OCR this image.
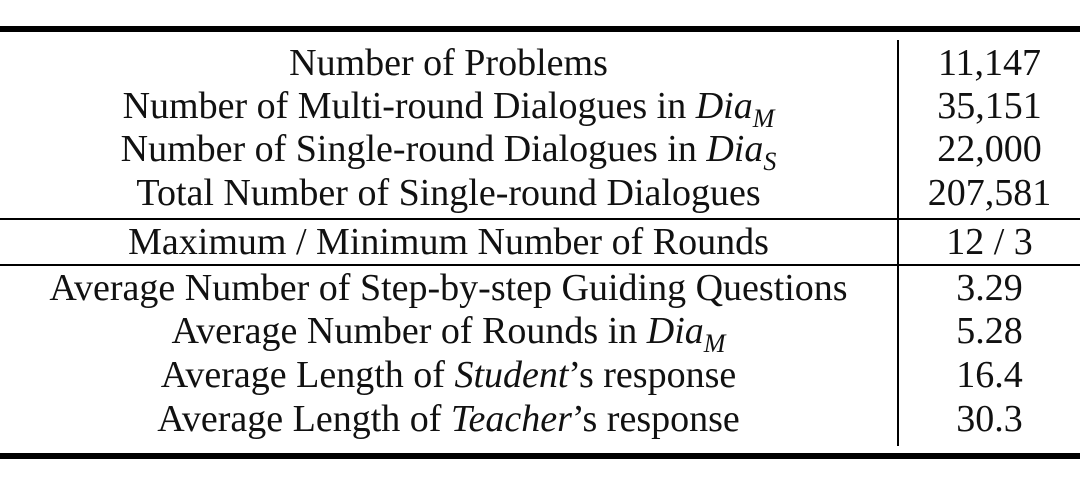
Number of Problems	11,147
Number of Multi-round Dialogues in Dia$_M$	35,151
Number of Single-round Dialogues in Dia$_S$	22,000
Total Number of Single-round Dialogues	207,581
Maximum / Minimum Number of Rounds	12 / 3
Average Number of Step-by-step Guiding Questions	3.29
Average Number of Rounds in Dia$_M$	5.28
Average Length of Student’s response	16.4
Average Length of Teacher’s response	30.3
